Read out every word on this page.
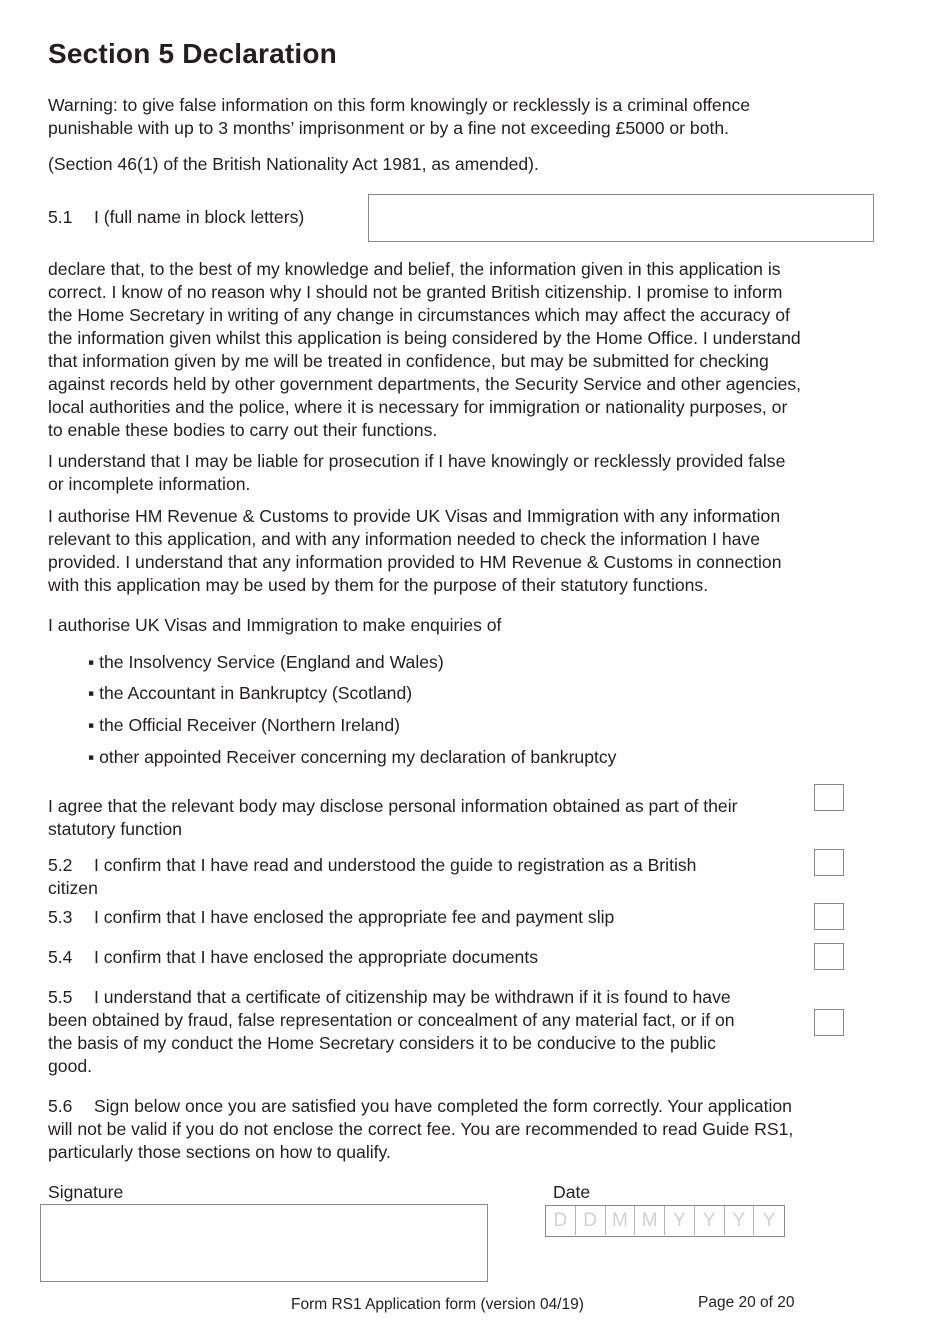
Section 5 Declaration
Warning: to give false information on this form knowingly or recklessly is a criminal offence
punishable with up to 3 months’ imprisonment or by a fine not exceeding £5000 or both.
(Section 46(1) of the British Nationality Act 1981, as amended).
5.1 I (full name in block letters)
declare that, to the best of my knowledge and belief, the information given in this application is
correct. I know of no reason why I should not be granted British citizenship. I promise to inform
the Home Secretary in writing of any change in circumstances which may affect the accuracy of
the information given whilst this application is being considered by the Home Office. I understand
that information given by me will be treated in confidence, but may be submitted for checking
against records held by other government departments, the Security Service and other agencies,
local authorities and the police, where it is necessary for immigration or nationality purposes, or
to enable these bodies to carry out their functions.
I understand that I may be liable for prosecution if I have knowingly or recklessly provided false
or incomplete information.
I authorise HM Revenue & Customs to provide UK Visas and Immigration with any information
relevant to this application, and with any information needed to check the information I have
provided. I understand that any information provided to HM Revenue & Customs in connection
with this application may be used by them for the purpose of their statutory functions.
I authorise UK Visas and Immigration to make enquiries of
▪ the Insolvency Service (England and Wales)
▪ the Accountant in Bankruptcy (Scotland)
▪ the Official Receiver (Northern Ireland)
▪ other appointed Receiver concerning my declaration of bankruptcy
I agree that the relevant body may disclose personal information obtained as part of their
statutory function
5.2 I confirm that I have read and understood the guide to registration as a British
citizen
5.3 I confirm that I have enclosed the appropriate fee and payment slip
5.4 I confirm that I have enclosed the appropriate documents
5.5 I understand that a certificate of citizenship may be withdrawn if it is found to have
been obtained by fraud, false representation or concealment of any material fact, or if on
the basis of my conduct the Home Secretary considers it to be conducive to the public
good.
5.6 Sign below once you are satisfied you have completed the form correctly. Your application
will not be valid if you do not enclose the correct fee. You are recommended to read Guide RS1,
particularly those sections on how to qualify.
Signature	Date
D D M M Y Y Y Y
Form RS1 Application form (version 04/19)	Page 20 of 20
